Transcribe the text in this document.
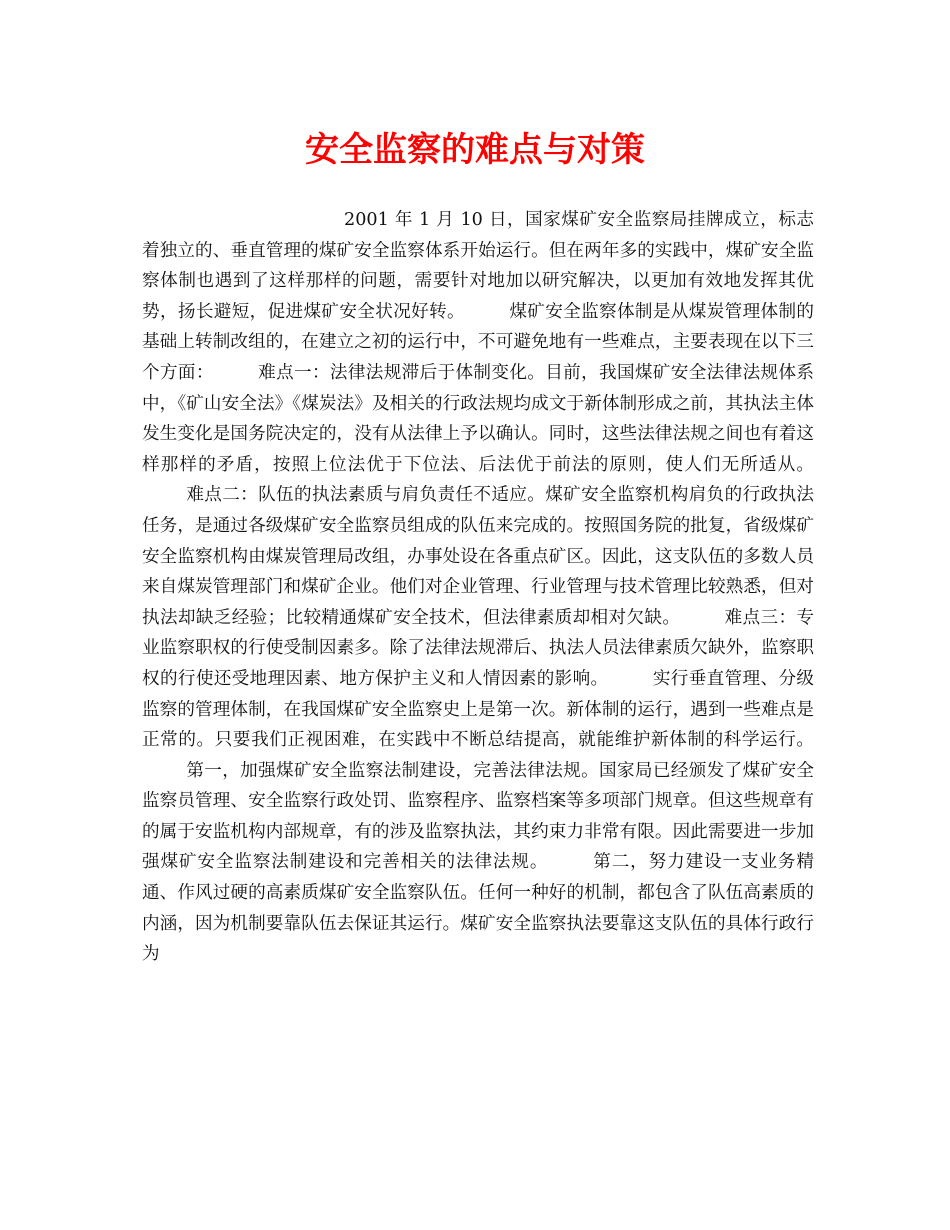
安全监察的难点与对策

2001 年 1 月 10 日，国家煤矿安全监察局挂牌成立，标志着独立的、垂直管理的煤矿安全监察体系开始运行。但在两年多的实践中，煤矿安全监察体制也遇到了这样那样的问题，需要针对地加以研究解决，以更加有效地发挥其优势，扬长避短，促进煤矿安全状况好转。	煤矿安全监察体制是从煤炭管理体制的基础上转制改组的，在建立之初的运行中，不可避免地有一些难点，主要表现在以下三个方面：	难点一：法律法规滞后于体制变化。目前，我国煤矿安全法律法规体系中，《矿山安全法》《煤炭法》及相关的行政法规均成文于新体制形成之前，其执法主体发生变化是国务院决定的，没有从法律上予以确认。同时，这些法律法规之间也有着这样那样的矛盾，按照上位法优于下位法、后法优于前法的原则，使人们无所适从。难点二：队伍的执法素质与肩负责任不适应。煤矿安全监察机构肩负的行政执法任务，是通过各级煤矿安全监察员组成的队伍来完成的。按照国务院的批复，省级煤矿安全监察机构由煤炭管理局改组，办事处设在各重点矿区。因此，这支队伍的多数人员来自煤炭管理部门和煤矿企业。他们对企业管理、行业管理与技术管理比较熟悉，但对执法却缺乏经验；比较精通煤矿安全技术，但法律素质却相对欠缺。	难点三：专业监察职权的行使受制因素多。除了法律法规滞后、执法人员法律素质欠缺外，监察职权的行使还受地理因素、地方保护主义和人情因素的影响。	实行垂直管理、分级监察的管理体制，在我国煤矿安全监察史上是第一次。新体制的运行，遇到一些难点是正常的。只要我们正视困难，在实践中不断总结提高，就能维护新体制的科学运行。第一，加强煤矿安全监察法制建设，完善法律法规。国家局已经颁发了煤矿安全监察员管理、安全监察行政处罚、监察程序、监察档案等多项部门规章。但这些规章有的属于安监机构内部规章，有的涉及监察执法，其约束力非常有限。因此需要进一步加强煤矿安全监察法制建设和完善相关的法律法规。	第二，努力建设一支业务精通、作风过硬的高素质煤矿安全监察队伍。任何一种好的机制，都包含了队伍高素质的内涵，因为机制要靠队伍去保证其运行。煤矿安全监察执法要靠这支队伍的具体行政行为
